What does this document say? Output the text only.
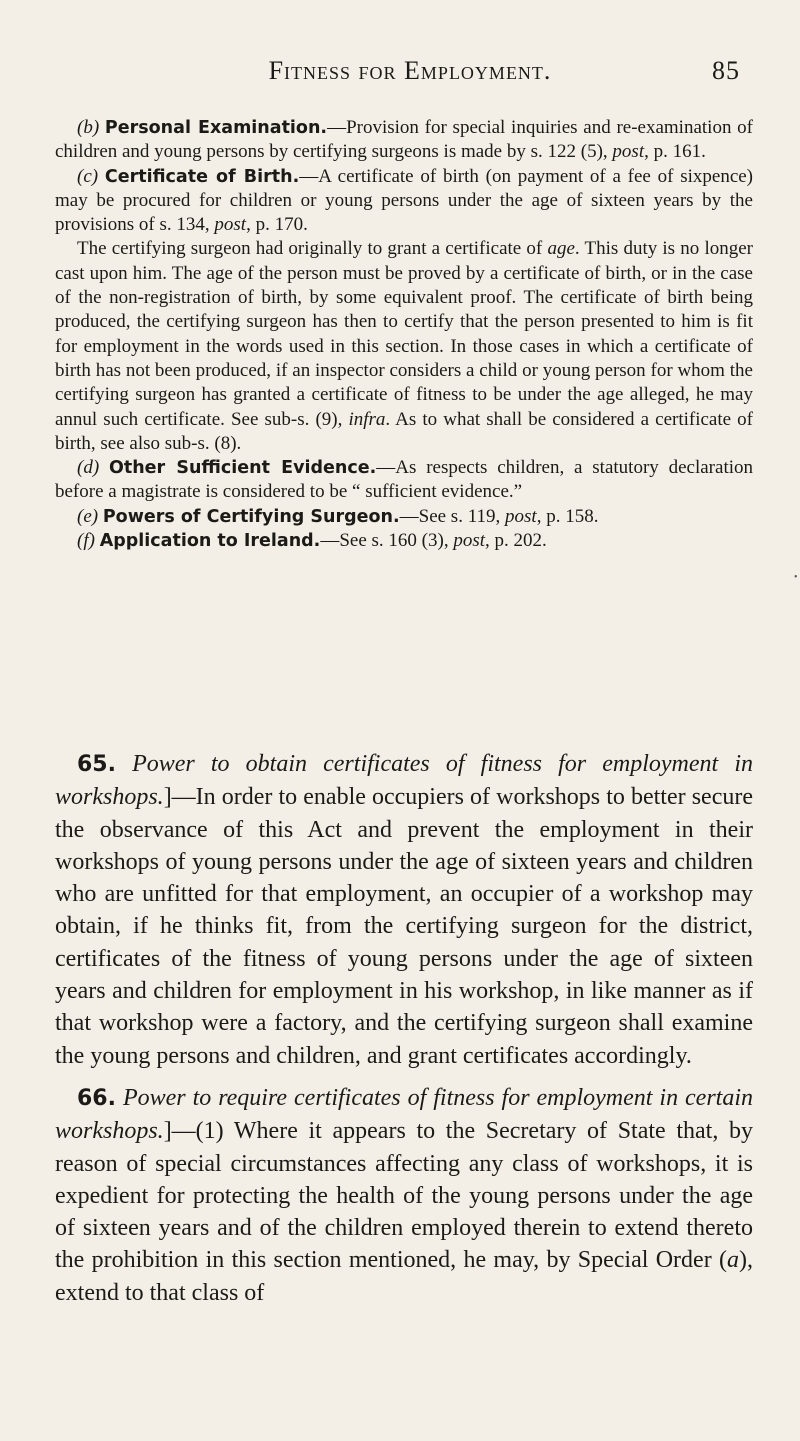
Fitness for Employment.	85

(b) Personal Examination.—Provision for special inquiries and re-examination of children and young persons by certifying surgeons is made by s. 122 (5), post, p. 161.

(c) Certificate of Birth.—A certificate of birth (on payment of a fee of sixpence) may be procured for children or young persons under the age of sixteen years by the provisions of s. 134, post, p. 170.

The certifying surgeon had originally to grant a certificate of age. This duty is no longer cast upon him. The age of the person must be proved by a certificate of birth, or in the case of the non-registration of birth, by some equivalent proof. The certificate of birth being produced, the certifying surgeon has then to certify that the person presented to him is fit for employment in the words used in this section. In those cases in which a certificate of birth has not been produced, if an inspector considers a child or young person for whom the certifying surgeon has granted a certificate of fitness to be under the age alleged, he may annul such certificate. See sub-s. (9), infra. As to what shall be considered a certificate of birth, see also sub-s. (8).

(d) Other Sufficient Evidence.—As respects children, a statutory declaration before a magistrate is considered to be “ sufficient evidence.”

(e) Powers of Certifying Surgeon.—See s. 119, post, p. 158.

(f) Application to Ireland.—See s. 160 (3), post, p. 202.

•

65. Power to obtain certificates of fitness for employment in workshops.]—In order to enable occupiers of workshops to better secure the observance of this Act and prevent the employment in their workshops of young persons under the age of sixteen years and children who are unfitted for that employment, an occupier of a workshop may obtain, if he thinks fit, from the certifying surgeon for the district, certificates of the fitness of young persons under the age of sixteen years and children for employment in his workshop, in like manner as if that workshop were a factory, and the certifying surgeon shall examine the young persons and children, and grant certificates accordingly.

66. Power to require certificates of fitness for employment in certain workshops.]—(1) Where it appears to the Secretary of State that, by reason of special circumstances affecting any class of workshops, it is expedient for protecting the health of the young persons under the age of sixteen years and of the children employed therein to extend thereto the prohibition in this section mentioned, he may, by Special Order (a), extend to that class of
